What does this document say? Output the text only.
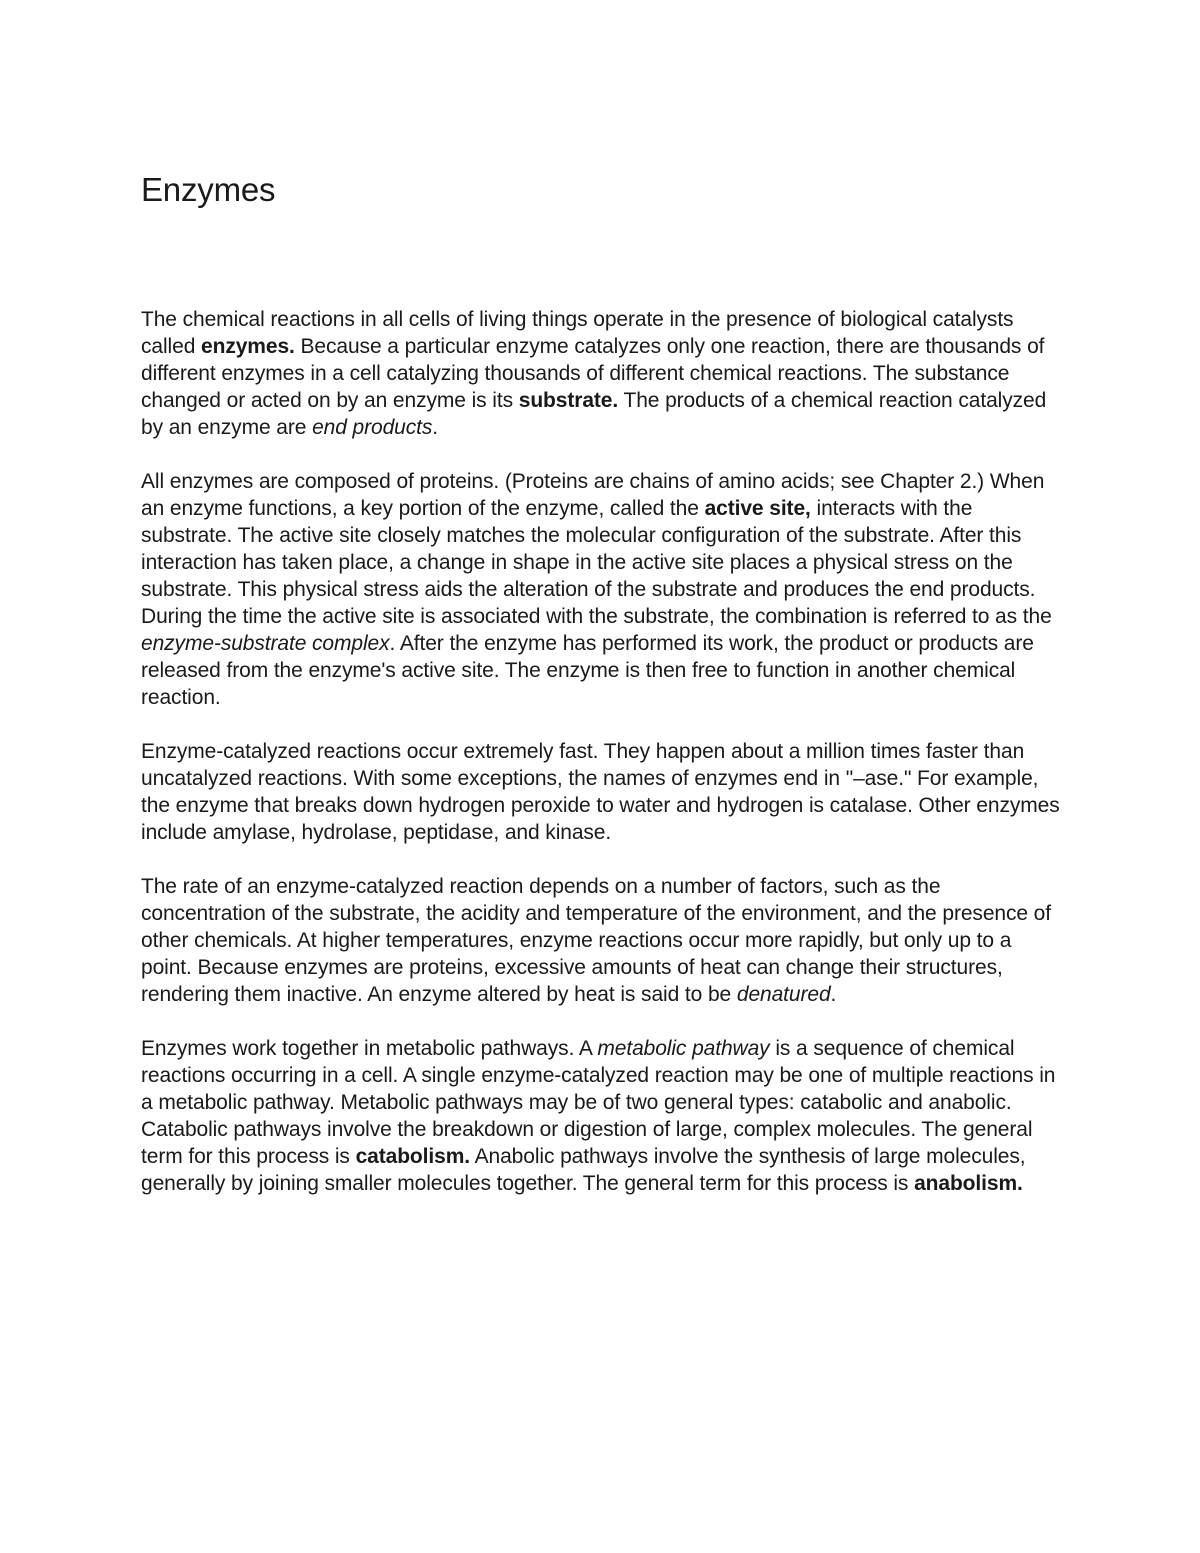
Enzymes

The chemical reactions in all cells of living things operate in the presence of biological catalysts called enzymes. Because a particular enzyme catalyzes only one reaction, there are thousands of different enzymes in a cell catalyzing thousands of different chemical reactions. The substance changed or acted on by an enzyme is its substrate. The products of a chemical reaction catalyzed by an enzyme are end products.

All enzymes are composed of proteins. (Proteins are chains of amino acids; see Chapter 2.) When an enzyme functions, a key portion of the enzyme, called the active site, interacts with the substrate. The active site closely matches the molecular configuration of the substrate. After this interaction has taken place, a change in shape in the active site places a physical stress on the substrate. This physical stress aids the alteration of the substrate and produces the end products. During the time the active site is associated with the substrate, the combination is referred to as the enzyme-substrate complex. After the enzyme has performed its work, the product or products are released from the enzyme's active site. The enzyme is then free to function in another chemical reaction.

Enzyme-catalyzed reactions occur extremely fast. They happen about a million times faster than uncatalyzed reactions. With some exceptions, the names of enzymes end in "–ase." For example, the enzyme that breaks down hydrogen peroxide to water and hydrogen is catalase. Other enzymes include amylase, hydrolase, peptidase, and kinase.

The rate of an enzyme-catalyzed reaction depends on a number of factors, such as the concentration of the substrate, the acidity and temperature of the environment, and the presence of other chemicals. At higher temperatures, enzyme reactions occur more rapidly, but only up to a point. Because enzymes are proteins, excessive amounts of heat can change their structures, rendering them inactive. An enzyme altered by heat is said to be denatured.

Enzymes work together in metabolic pathways. A metabolic pathway is a sequence of chemical reactions occurring in a cell. A single enzyme-catalyzed reaction may be one of multiple reactions in a metabolic pathway. Metabolic pathways may be of two general types: catabolic and anabolic. Catabolic pathways involve the breakdown or digestion of large, complex molecules. The general term for this process is catabolism. Anabolic pathways involve the synthesis of large molecules, generally by joining smaller molecules together. The general term for this process is anabolism.
